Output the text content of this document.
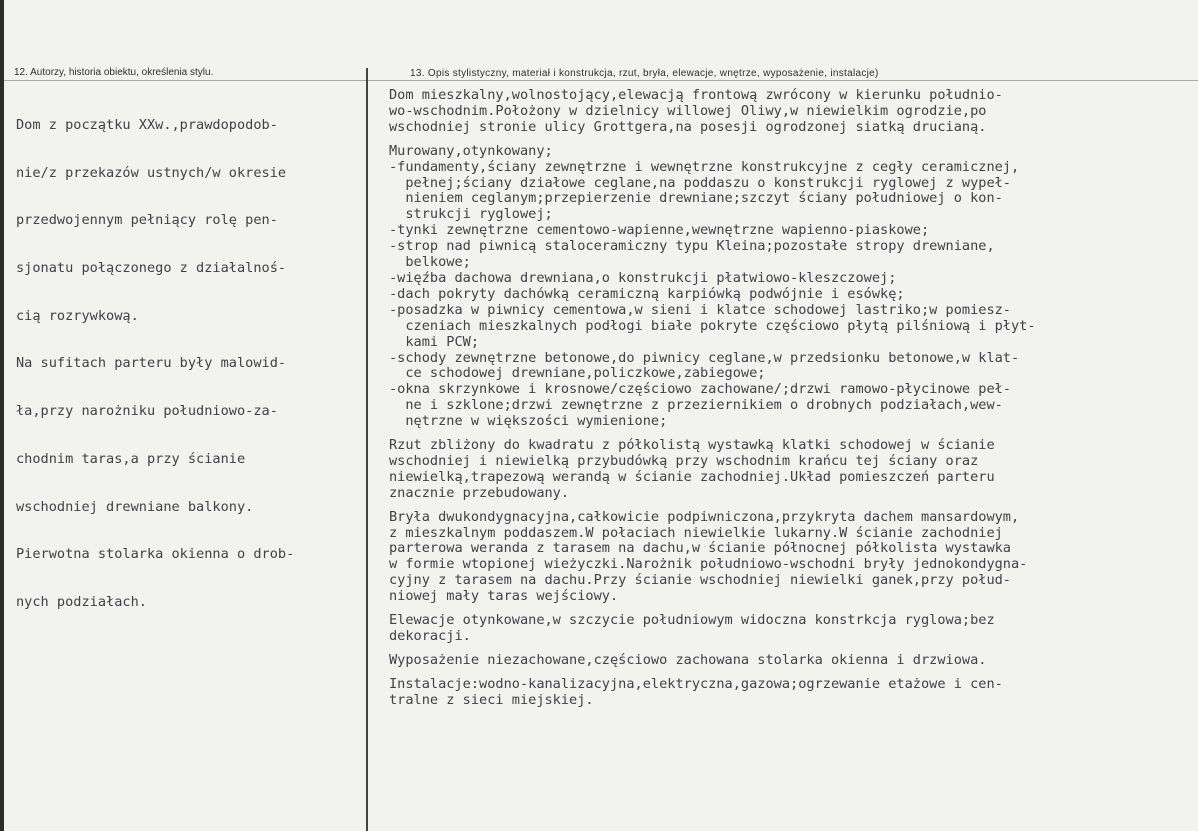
12. Autorzy, historia obiektu, określenia stylu.	13. Opis stylistyczny, materiał i konstrukcja, rzut, bryła, elewacje, wnętrze, wyposażenie, instalacje)

Dom z początku XXw.,prawdopodob-

nie/z przekazów ustnych/w okresie

przedwojennym pełniący rolę pen-

sjonatu połączonego z działalnoś-

cią rozrywkową.

Na sufitach parteru były malowid-

ła,przy narożniku południowo-za-

chodnim taras,a przy ścianie

wschodniej drewniane balkony.

Pierwotna stolarka okienna o drob-

nych podziałach.

Dom mieszkalny,wolnostojący,elewacją frontową zwrócony w kierunku południo-
wo-wschodnim.Położony w dzielnicy willowej Oliwy,w niewielkim ogrodzie,po
wschodniej stronie ulicy Grottgera,na posesji ogrodzonej siatką drucianą.
Murowany,otynkowany;
-fundamenty,ściany zewnętrzne i wewnętrzne konstrukcyjne z cegły ceramicznej,
pełnej;ściany działowe ceglane,na poddaszu o konstrukcji ryglowej z wypeł-
nieniem ceglanym;przepierzenie drewniane;szczyt ściany południowej o kon-
strukcji ryglowej;
-tynki zewnętrzne cementowo-wapienne,wewnętrzne wapienno-piaskowe;
-strop nad piwnicą staloceramiczny typu Kleina;pozostałe stropy drewniane,
belkowe;
-więźba dachowa drewniana,o konstrukcji płatwiowo-kleszczowej;
-dach pokryty dachówką ceramiczną karpiówką podwójnie i esówkę;
-posadzka w piwnicy cementowa,w sieni i klatce schodowej lastriko;w pomiesz-
czeniach mieszkalnych podłogi białe pokryte częściowo płytą pilśniową i płyt-
kami PCW;
-schody zewnętrzne betonowe,do piwnicy ceglane,w przedsionku betonowe,w klat-
ce schodowej drewniane,policzkowe,zabiegowe;
-okna skrzynkowe i krosnowe/częściowo zachowane/;drzwi ramowo-płycinowe peł-
ne i szklone;drzwi zewnętrzne z przeziernikiem o drobnych podziałach,wew-
nętrzne w większości wymienione;
Rzut zbliżony do kwadratu z półkolistą wystawką klatki schodowej w ścianie
wschodniej i niewielką przybudówką przy wschodnim krańcu tej ściany oraz
niewielką,trapezową werandą w ścianie zachodniej.Układ pomieszczeń parteru
znacznie przebudowany.
Bryła dwukondygnacyjna,całkowicie podpiwniczona,przykryta dachem mansardowym,
z mieszkalnym poddaszem.W połaciach niewielkie lukarny.W ścianie zachodniej
parterowa weranda z tarasem na dachu,w ścianie północnej półkolista wystawka
w formie wtopionej wieżyczki.Narożnik południowo-wschodni bryły jednokondygna-
cyjny z tarasem na dachu.Przy ścianie wschodniej niewielki ganek,przy połud-
niowej mały taras wejściowy.
Elewacje otynkowane,w szczycie południowym widoczna konstrkcja ryglowa;bez
dekoracji.
Wyposażenie niezachowane,częściowo zachowana stolarka okienna i drzwiowa.
Instalacje:wodno-kanalizacyjna,elektryczna,gazowa;ogrzewanie etażowe i cen-
tralne z sieci miejskiej.
